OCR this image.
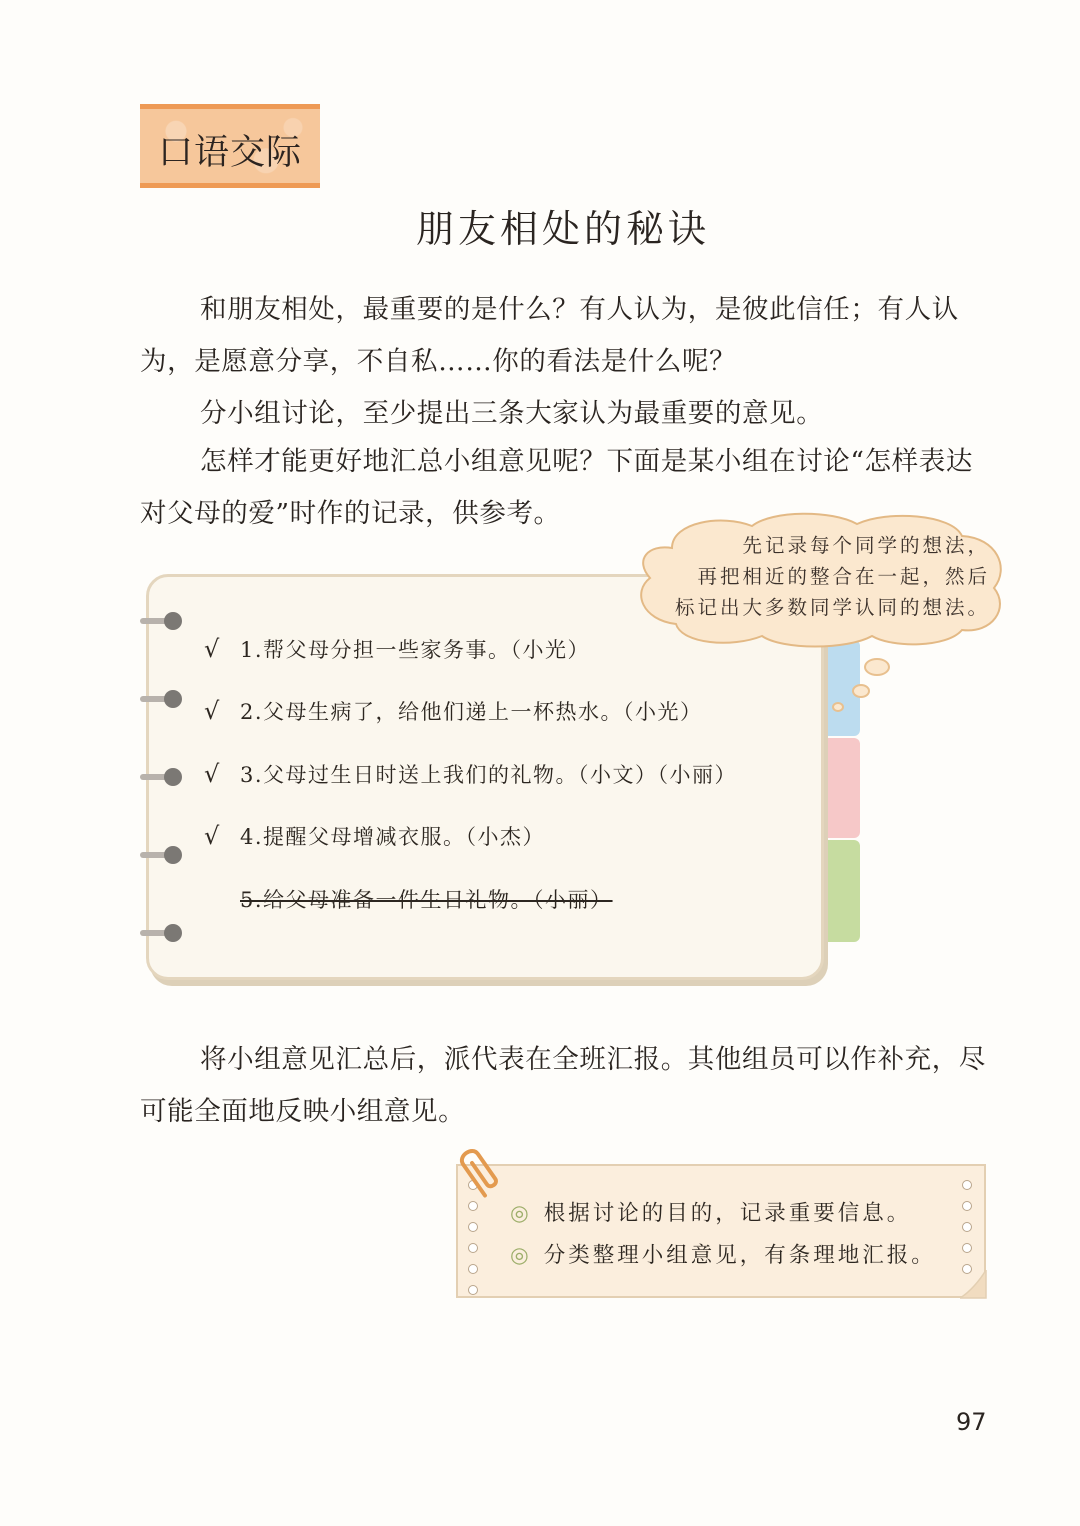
口语交际
朋友相处的秘诀

和朋友相处，最重要的是什么？有人认为，是彼此信任；有人认为，是愿意分享，不自私……你的看法是什么呢？

分小组讨论，至少提出三条大家认为最重要的意见。

怎样才能更好地汇总小组意见呢？下面是某小组在讨论“怎样表达对父母的爱”时作的记录，供参考。

√ 1.帮父母分担一些家务事。（小光）
√ 2.父母生病了，给他们递上一杯热水。（小光）
√ 3.父母过生日时送上我们的礼物。（小文）（小丽）
√ 4.提醒父母增减衣服。（小杰）
5.给父母准备一件生日礼物。（小丽）
先记录每个同学的想法，
再把相近的整合在一起，然后
标记出大多数同学认同的想法。

将小组意见汇总后，派代表在全班汇报。其他组员可以作补充，尽可能全面地反映小组意见。

◎ 根据讨论的目的，记录重要信息。
◎ 分类整理小组意见，有条理地汇报。
97
